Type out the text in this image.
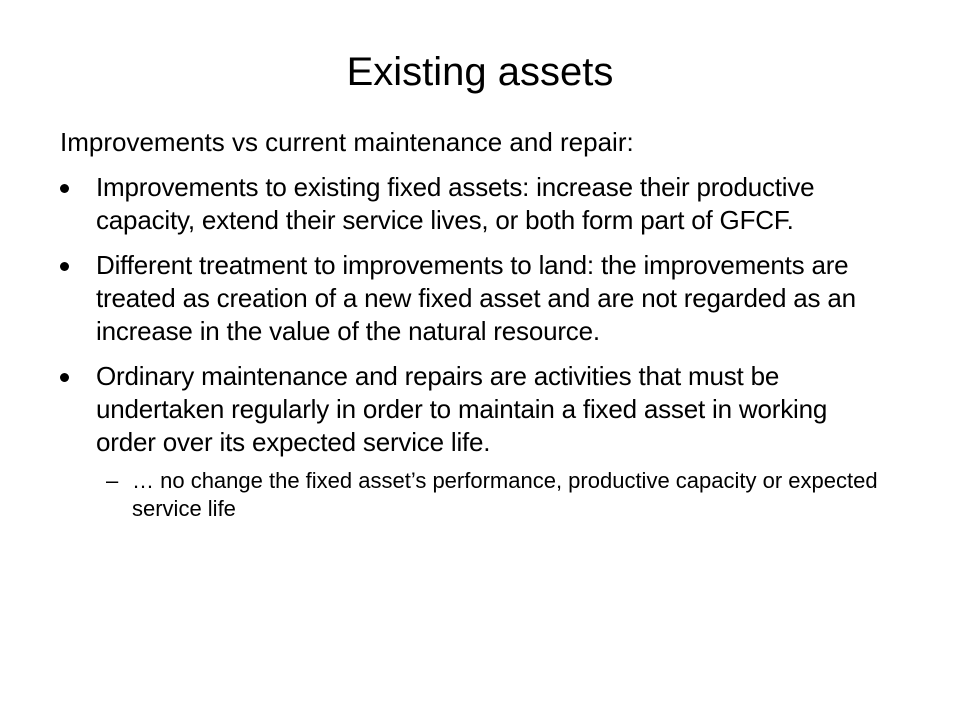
Existing assets

Improvements vs current maintenance and repair:

Improvements to existing fixed assets: increase their productive capacity, extend their service lives, or both form part of GFCF.
Different treatment to improvements to land: the improvements are treated as creation of a new fixed asset and are not regarded as an increase in the value of the natural resource.
Ordinary maintenance and repairs are activities that must be undertaken regularly in order to maintain a fixed asset in working order over its expected service life.
– … no change the fixed asset’s performance, productive capacity or expected service life
